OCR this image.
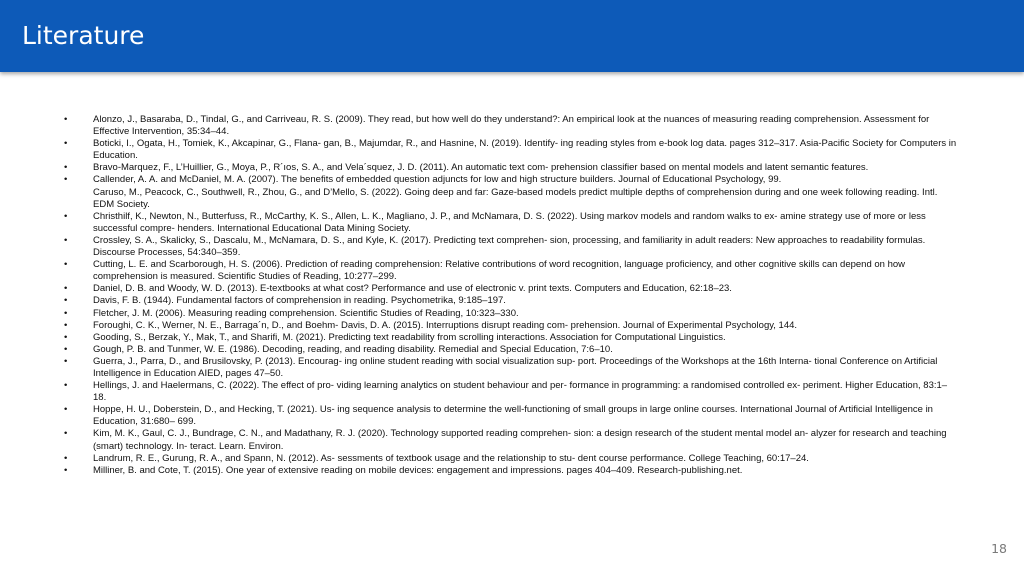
Literature
•	Alonzo, J., Basaraba, D., Tindal, G., and Carriveau, R. S. (2009). They read, but how well do they understand?: An empirical look at the nuances of measuring reading comprehension. Assessment for Effective Intervention, 35:34–44.
•	Boticki, I., Ogata, H., Tomiek, K., Akcapinar, G., Flana- gan, B., Majumdar, R., and Hasnine, N. (2019). Identify- ing reading styles from e-book log data. pages 312–317. Asia-Pacific Society for Computers in Education.
•	Bravo-Marquez, F., L’Huillier, G., Moya, P., R´ıos, S. A., and Vela´squez, J. D. (2011). An automatic text com- prehension classifier based on mental models and latent semantic features.
•	Callender, A. A. and McDaniel, M. A. (2007). The benefits of embedded question adjuncts for low and high structure builders. Journal of Educational Psychology, 99.
Caruso, M., Peacock, C., Southwell, R., Zhou, G., and D’Mello, S. (2022). Going deep and far: Gaze-based models predict multiple depths of comprehension during and one week following reading. Intl. EDM Society.
•	Christhilf, K., Newton, N., Butterfuss, R., McCarthy, K. S., Allen, L. K., Magliano, J. P., and McNamara, D. S. (2022). Using markov models and random walks to ex- amine strategy use of more or less successful compre- henders. International Educational Data Mining Society.
•	Crossley, S. A., Skalicky, S., Dascalu, M., McNamara, D. S., and Kyle, K. (2017). Predicting text comprehen- sion, processing, and familiarity in adult readers: New approaches to readability formulas. Discourse Processes, 54:340–359.
•	Cutting, L. E. and Scarborough, H. S. (2006). Prediction of reading comprehension: Relative contributions of word recognition, language proficiency, and other cognitive skills can depend on how comprehension is measured. Scientific Studies of Reading, 10:277–299.
•	Daniel, D. B. and Woody, W. D. (2013). E-textbooks at what cost? Performance and use of electronic v. print texts. Computers and Education, 62:18–23.
•	Davis, F. B. (1944). Fundamental factors of comprehension in reading. Psychometrika, 9:185–197.
•	Fletcher, J. M. (2006). Measuring reading comprehension. Scientific Studies of Reading, 10:323–330.
•	Foroughi, C. K., Werner, N. E., Barraga´n, D., and Boehm- Davis, D. A. (2015). Interruptions disrupt reading com- prehension. Journal of Experimental Psychology, 144.
•	Gooding, S., Berzak, Y., Mak, T., and Sharifi, M. (2021). Predicting text readability from scrolling interactions. Association for Computational Linguistics.
•	Gough, P. B. and Tunmer, W. E. (1986). Decoding, reading, and reading disability. Remedial and Special Education, 7:6–10.
•	Guerra, J., Parra, D., and Brusilovsky, P. (2013). Encourag- ing online student reading with social visualization sup- port. Proceedings of the Workshops at the 16th Interna- tional Conference on Artificial Intelligence in Education AIED, pages 47–50.
•	Hellings, J. and Haelermans, C. (2022). The effect of pro- viding learning analytics on student behaviour and per- formance in programming: a randomised controlled ex- periment. Higher Education, 83:1–18.
•	Hoppe, H. U., Doberstein, D., and Hecking, T. (2021). Us- ing sequence analysis to determine the well-functioning of small groups in large online courses. International Journal of Artificial Intelligence in Education, 31:680– 699.
•	Kim, M. K., Gaul, C. J., Bundrage, C. N., and Madathany, R. J. (2020). Technology supported reading comprehen- sion: a design research of the student mental model an- alyzer for research and teaching (smart) technology. In- teract. Learn. Environ.
•	Landrum, R. E., Gurung, R. A., and Spann, N. (2012). As- sessments of textbook usage and the relationship to stu- dent course performance. College Teaching, 60:17–24.
•	Milliner, B. and Cote, T. (2015). One year of extensive reading on mobile devices: engagement and impressions. pages 404–409. Research-publishing.net.
18
